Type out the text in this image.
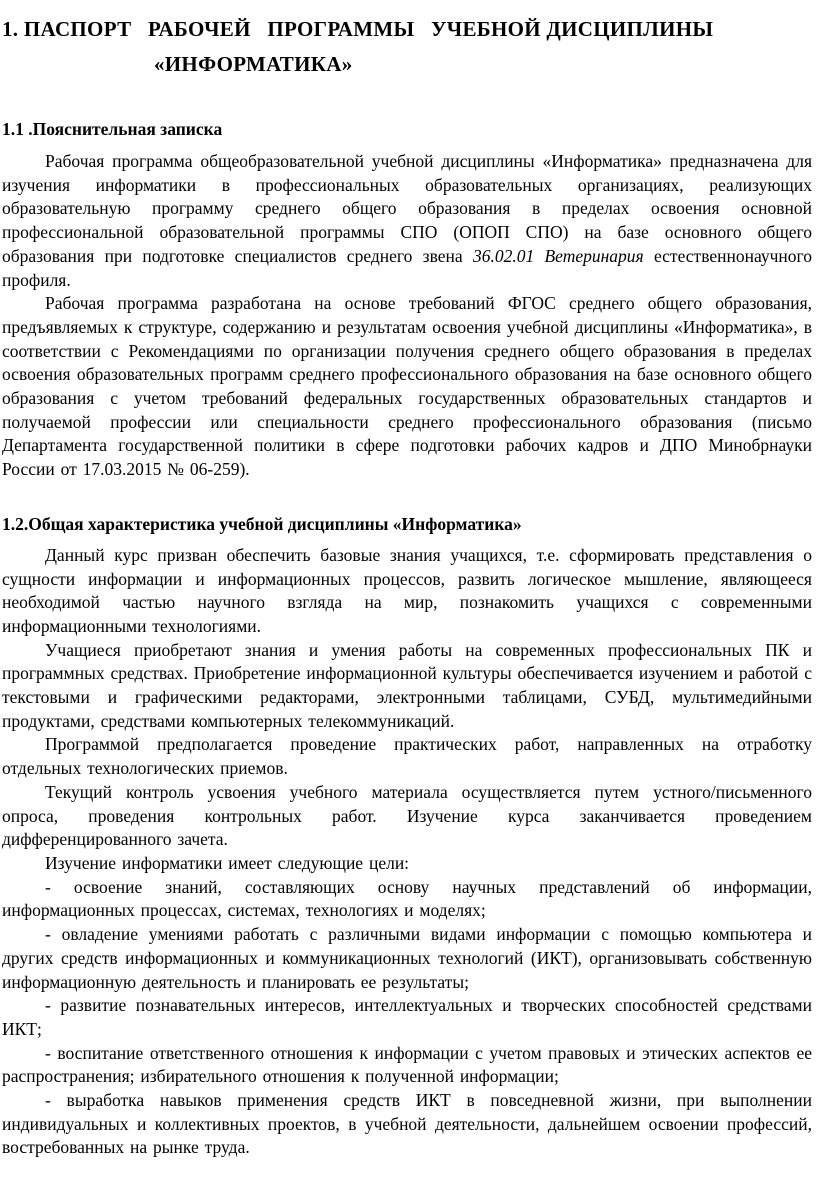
1. ПАСПОРТ   РАБОЧЕЙ   ПРОГРАММЫ   УЧЕБНОЙ ДИСЦИПЛИНЫ
«ИНФОРМАТИКА»
1.1 .Пояснительная записка

Рабочая программа общеобразовательной учебной дисциплины «Информатика» предназначена для изучения информатики в профессиональных образовательных организациях, реализующих образовательную программу среднего общего образования в пределах освоения основной профессиональной образовательной программы СПО (ОПОП СПО) на базе основного общего образования при подготовке специалистов среднего звена 36.02.01 Ветеринария естественнонаучного профиля.

Рабочая программа разработана на основе требований ФГОС среднего общего образования, предъявляемых к структуре, содержанию и результатам освоения учебной дисциплины «Информатика», в соответствии с Рекомендациями по организации получения среднего общего образования в пределах освоения образовательных программ среднего профессионального образования на базе основного общего образования с учетом требований федеральных государственных образовательных стандартов и получаемой профессии или специальности среднего профессионального образования (письмо Департамента государственной политики в сфере подготовки рабочих кадров и ДПО Минобрнауки России от 17.03.2015 № 06-259).

1.2.Общая характеристика учебной дисциплины «Информатика»

Данный курс призван обеспечить базовые знания учащихся, т.е. сформировать представления о сущности информации и информационных процессов, развить логическое мышление, являющееся необходимой частью научного взгляда на мир, познакомить учащихся с современными информационными технологиями.

Учащиеся приобретают знания и умения работы на современных профессиональных ПК и программных средствах. Приобретение информационной культуры обеспечивается изучением и работой с текстовыми и графическими редакторами, электронными таблицами, СУБД, мультимедийными продуктами, средствами компьютерных телекоммуникаций.

Программой предполагается проведение практических работ, направленных на отработку отдельных технологических приемов.

Текущий контроль усвоения учебного материала осуществляется путем устного/письменного опроса, проведения контрольных работ. Изучение курса заканчивается проведением дифференцированного зачета.

Изучение информатики имеет следующие цели:

- освоение знаний, составляющих основу научных представлений об информации, информационных процессах, системах, технологиях и моделях;

- овладение умениями работать с различными видами информации с помощью компьютера и других средств информационных и коммуникационных технологий (ИКТ), организовывать собственную информационную деятельность и планировать ее результаты;

- развитие познавательных интересов, интеллектуальных и творческих способностей средствами ИКТ;

- воспитание ответственного отношения к информации с учетом правовых и этических аспектов ее распространения; избирательного отношения к полученной информации;

- выработка навыков применения средств ИКТ в повседневной жизни, при выполнении индивидуальных и коллективных проектов, в учебной деятельности, дальнейшем освоении профессий, востребованных на рынке труда.
